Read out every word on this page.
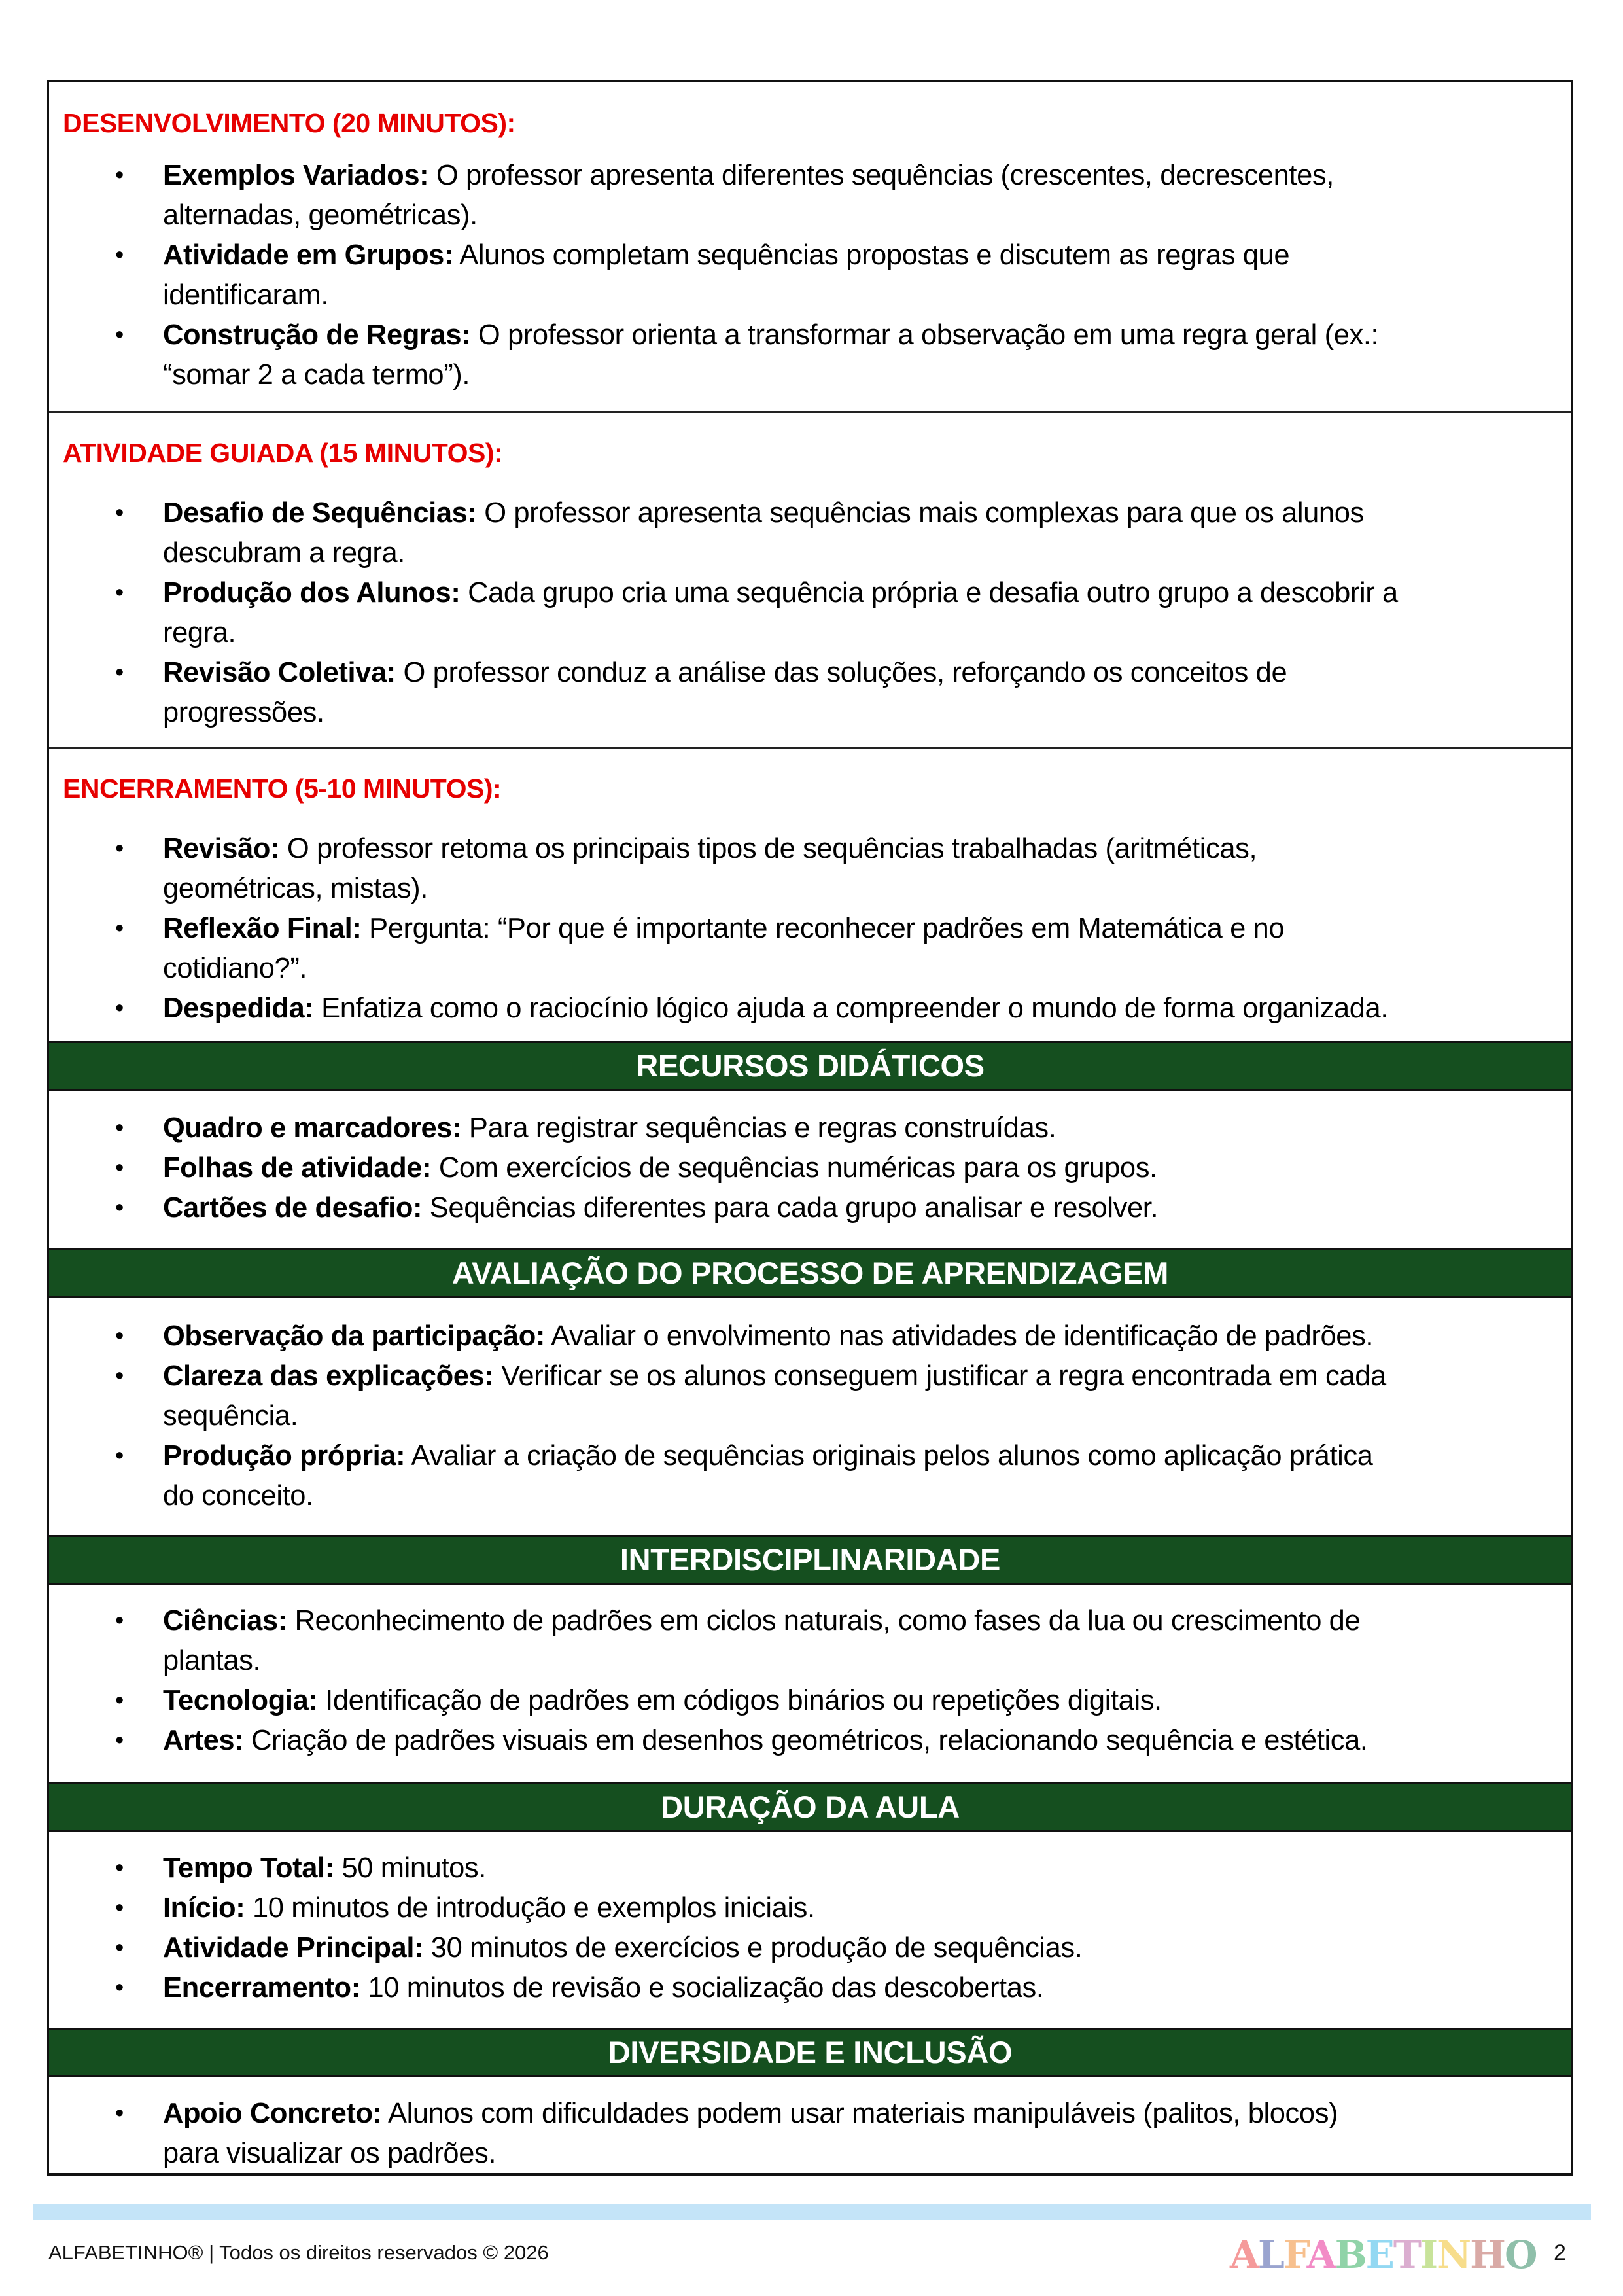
DESENVOLVIMENTO (20 MINUTOS):
• Exemplos Variados: O professor apresenta diferentes sequências (crescentes, decrescentes,
alternadas, geométricas).
• Atividade em Grupos: Alunos completam sequências propostas e discutem as regras que
identificaram.
• Construção de Regras: O professor orienta a transformar a observação em uma regra geral (ex.:
“somar 2 a cada termo”).
ATIVIDADE GUIADA (15 MINUTOS):
• Desafio de Sequências: O professor apresenta sequências mais complexas para que os alunos
descubram a regra.
• Produção dos Alunos: Cada grupo cria uma sequência própria e desafia outro grupo a descobrir a
regra.
• Revisão Coletiva: O professor conduz a análise das soluções, reforçando os conceitos de
progressões.
ENCERRAMENTO (5-10 MINUTOS):
• Revisão: O professor retoma os principais tipos de sequências trabalhadas (aritméticas,
geométricas, mistas).
• Reflexão Final: Pergunta: “Por que é importante reconhecer padrões em Matemática e no
cotidiano?”.
• Despedida: Enfatiza como o raciocínio lógico ajuda a compreender o mundo de forma organizada.
RECURSOS DIDÁTICOS
• Quadro e marcadores: Para registrar sequências e regras construídas.
• Folhas de atividade: Com exercícios de sequências numéricas para os grupos.
• Cartões de desafio: Sequências diferentes para cada grupo analisar e resolver.
AVALIAÇÃO DO PROCESSO DE APRENDIZAGEM
• Observação da participação: Avaliar o envolvimento nas atividades de identificação de padrões.
• Clareza das explicações: Verificar se os alunos conseguem justificar a regra encontrada em cada
sequência.
• Produção própria: Avaliar a criação de sequências originais pelos alunos como aplicação prática
do conceito.
INTERDISCIPLINARIDADE
• Ciências: Reconhecimento de padrões em ciclos naturais, como fases da lua ou crescimento de
plantas.
• Tecnologia: Identificação de padrões em códigos binários ou repetições digitais.
• Artes: Criação de padrões visuais em desenhos geométricos, relacionando sequência e estética.
DURAÇÃO DA AULA
• Tempo Total: 50 minutos.
• Início: 10 minutos de introdução e exemplos iniciais.
• Atividade Principal: 30 minutos de exercícios e produção de sequências.
• Encerramento: 10 minutos de revisão e socialização das descobertas.
DIVERSIDADE E INCLUSÃO
• Apoio Concreto: Alunos com dificuldades podem usar materiais manipuláveis (palitos, blocos)
para visualizar os padrões.
ALFABETINHO® | Todos os direitos reservados © 2026	ALFABETINHO 2
